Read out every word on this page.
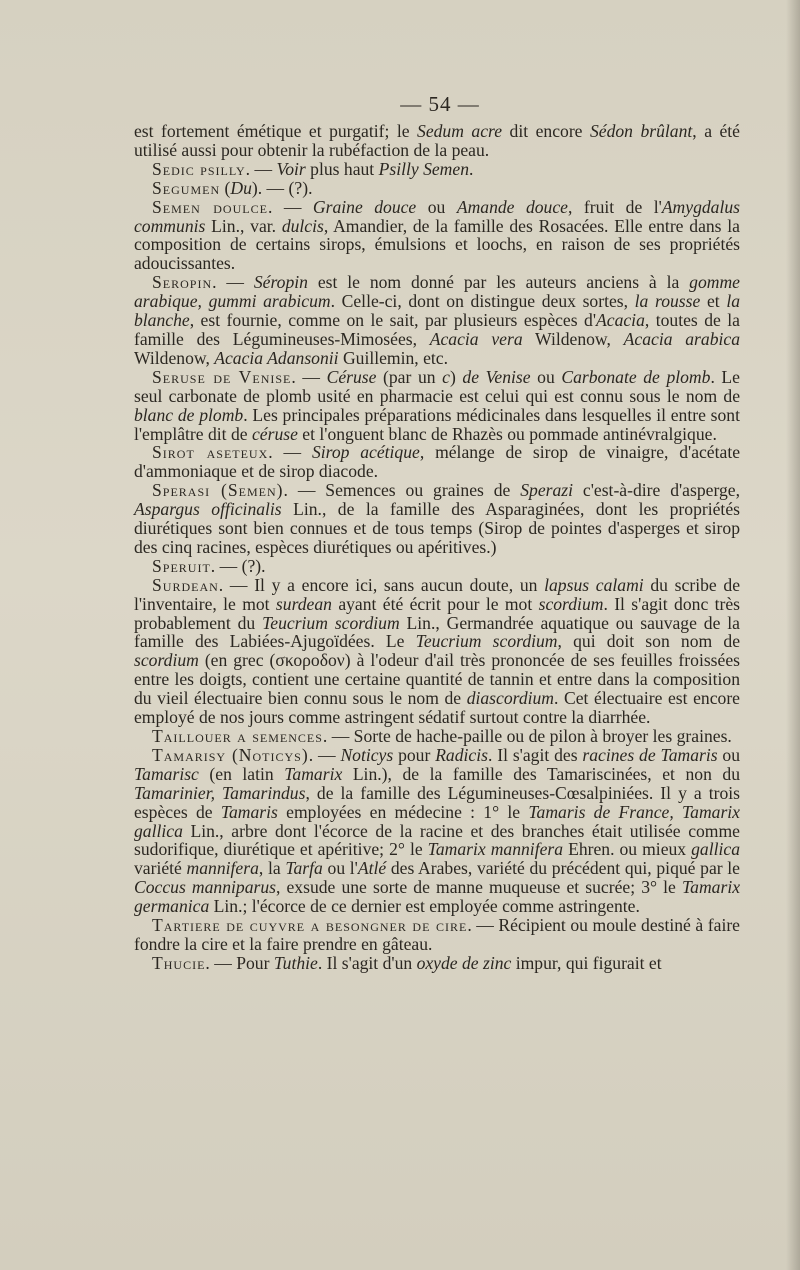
— 54 —

est fortement émétique et purgatif; le Sedum acre dit encore Sédon brûlant, a été utilisé aussi pour obtenir la rubéfaction de la peau.

Sedic psilly. — Voir plus haut Psilly Semen.

Segumen (Du). — (?).

Semen doulce. — Graine douce ou Amande douce, fruit de l'Amygdalus communis Lin., var. dulcis, Amandier, de la famille des Rosacées. Elle entre dans la composition de certains sirops, émulsions et loochs, en raison de ses propriétés adoucissantes.

Seropin. — Séropin est le nom donné par les auteurs anciens à la gomme arabique, gummi arabicum. Celle-ci, dont on distingue deux sortes, la rousse et la blanche, est fournie, comme on le sait, par plusieurs espèces d'Acacia, toutes de la famille des Légumineuses-Mimosées, Acacia vera Wildenow, Acacia arabica Wildenow, Acacia Adansonii Guillemin, etc.

Seruse de Venise. — Céruse (par un c) de Venise ou Carbonate de plomb. Le seul carbonate de plomb usité en pharmacie est celui qui est connu sous le nom de blanc de plomb. Les principales préparations médicinales dans lesquelles il entre sont l'emplâtre dit de céruse et l'onguent blanc de Rhazès ou pommade antinévralgique.

Sirot aseteux. — Sirop acétique, mélange de sirop de vinaigre, d'acétate d'ammoniaque et de sirop diacode.

Sperasi (Semen). — Semences ou graines de Sperazi c'est-à-dire d'asperge, Aspargus officinalis Lin., de la famille des Asparaginées, dont les propriétés diurétiques sont bien connues et de tous temps (Sirop de pointes d'asperges et sirop des cinq racines, espèces diurétiques ou apéritives.)

Speruit. — (?).

Surdean. — Il y a encore ici, sans aucun doute, un lapsus calami du scribe de l'inventaire, le mot surdean ayant été écrit pour le mot scordium. Il s'agit donc très probablement du Teucrium scordium Lin., Germandrée aquatique ou sauvage de la famille des Labiées-Ajugoïdées. Le Teucrium scordium, qui doit son nom de scordium (en grec (σκοροδον) à l'odeur d'ail très prononcée de ses feuilles froissées entre les doigts, contient une certaine quantité de tannin et entre dans la composition du vieil électuaire bien connu sous le nom de diascordium. Cet électuaire est encore employé de nos jours comme astringent sédatif surtout contre la diarrhée.

Taillouer a semences. — Sorte de hache-paille ou de pilon à broyer les graines.

Tamarisy (Noticys). — Noticys pour Radicis. Il s'agit des racines de Tamaris ou Tamarisc (en latin Tamarix Lin.), de la famille des Tamariscinées, et non du Tamarinier, Tamarindus, de la famille des Légumineuses-Cœsalpiniées. Il y a trois espèces de Tamaris employées en médecine : 1° le Tamaris de France, Tamarix gallica Lin., arbre dont l'écorce de la racine et des branches était utilisée comme sudorifique, diurétique et apéritive; 2° le Tamarix mannifera Ehren. ou mieux gallica variété mannifera, la Tarfa ou l'Atlé des Arabes, variété du précédent qui, piqué par le Coccus manniparus, exsude une sorte de manne muqueuse et sucrée; 3° le Tamarix germanica Lin.; l'écorce de ce dernier est employée comme astringente.

Tartiere de cuyvre a besongner de cire. — Récipient ou moule destiné à faire fondre la cire et la faire prendre en gâteau.

Thucie. — Pour Tuthie. Il s'agit d'un oxyde de zinc impur, qui figurait et
